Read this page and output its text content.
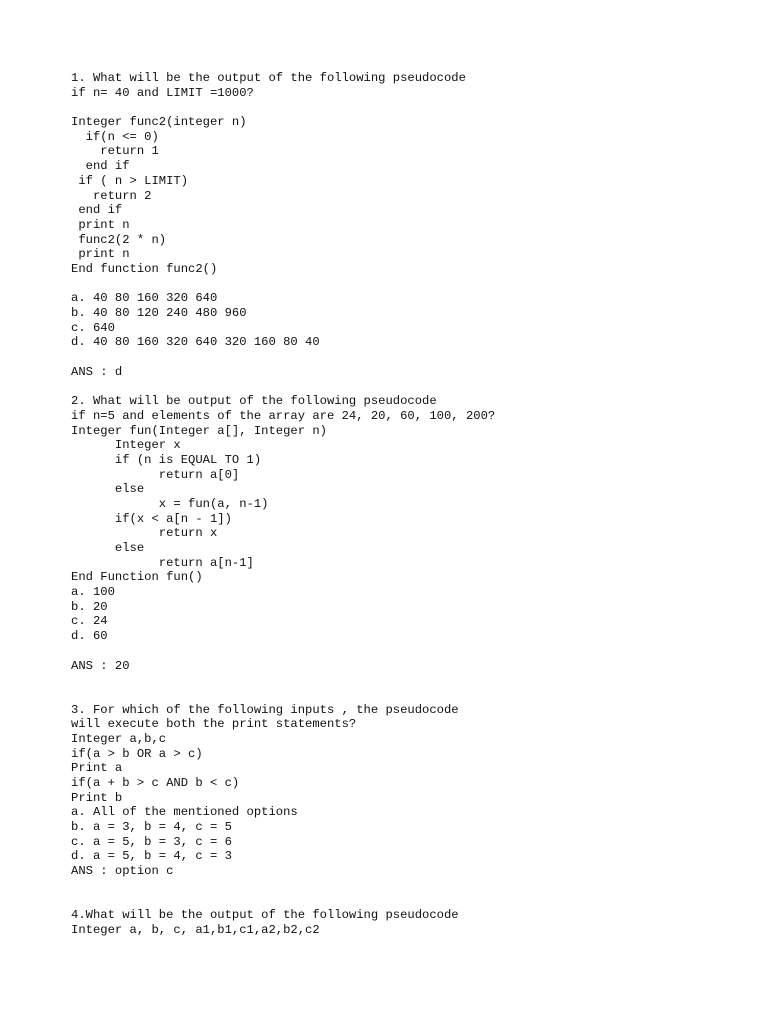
1. What will be the output of the following pseudocode
if n= 40 and LIMIT =1000?

Integer func2(integer n)
if(n <= 0)
return 1
end if
if ( n > LIMIT)
return 2
end if
print n
func2(2 * n)
print n
End function func2()

a. 40 80 160 320 640
b. 40 80 120 240 480 960
c. 640
d. 40 80 160 320 640 320 160 80 40

ANS : d

2. What will be output of the following pseudocode
if n=5 and elements of the array are 24, 20, 60, 100, 200?
Integer fun(Integer a[], Integer n)
Integer x
if (n is EQUAL TO 1)
return a[0]
else
x = fun(a, n-1)
if(x < a[n - 1])
return x
else
return a[n-1]
End Function fun()
a. 100
b. 20
c. 24
d. 60

ANS : 20

3. For which of the following inputs , the pseudocode
will execute both the print statements?
Integer a,b,c
if(a > b OR a > c)
Print a
if(a + b > c AND b < c)
Print b
a. All of the mentioned options
b. a = 3, b = 4, c = 5
c. a = 5, b = 3, c = 6
d. a = 5, b = 4, c = 3
ANS : option c

4.What will be the output of the following pseudocode
Integer a, b, c, a1,b1,c1,a2,b2,c2
